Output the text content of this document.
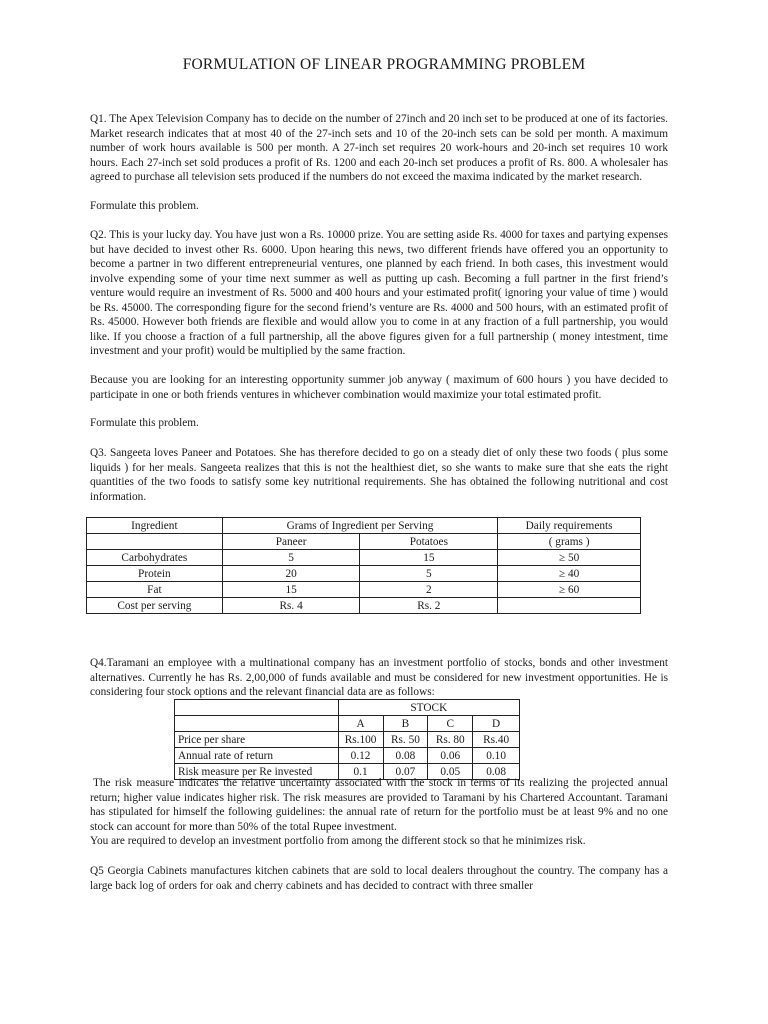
FORMULATION OF LINEAR PROGRAMMING PROBLEM

Q1. The Apex Television Company has to decide on the number of 27inch and 20 inch set to be produced at one of its factories. Market research indicates that at most 40 of the 27-inch sets and 10 of the 20-inch sets can be sold per month. A maximum number of work hours available is 500 per month. A 27-inch set requires 20 work-hours and 20-inch set requires 10 work hours. Each 27-inch set sold produces a profit of Rs. 1200 and each 20-inch set produces a profit of Rs. 800. A wholesaler has agreed to purchase all television sets produced if the numbers do not exceed the maxima indicated by the market research.

Formulate this problem.

Q2. This is your lucky day. You have just won a Rs. 10000 prize. You are setting aside Rs. 4000 for taxes and partying expenses but have decided to invest other Rs. 6000. Upon hearing this news, two different friends have offered you an opportunity to become a partner in two different entrepreneurial ventures, one planned by each friend. In both cases, this investment would involve expending some of your time next summer as well as putting up cash. Becoming a full partner in the first friend’s venture would require an investment of Rs. 5000 and 400 hours and your estimated profit( ignoring your value of time ) would be Rs. 45000. The corresponding figure for the second friend’s venture are Rs. 4000 and 500 hours, with an estimated profit of Rs. 45000. However both friends are flexible and would allow you to come in at any fraction of a full partnership, you would like. If you choose a fraction of a full partnership, all the above figures given for a full partnership ( money intestment, time investment and your profit) would be multiplied by the same fraction.

Because you are looking for an interesting opportunity summer job anyway ( maximum of 600 hours ) you have decided to participate in one or both friends ventures in whichever combination would maximize your total estimated profit.

Formulate this problem.

Q3. Sangeeta loves Paneer and Potatoes. She has therefore decided to go on a steady diet of only these two foods ( plus some liquids ) for her meals. Sangeeta realizes that this is not the healthiest diet, so she wants to make sure that she eats the right quantities of the two foods to satisfy some key nutritional requirements. She has obtained the following nutritional and cost information.

Ingredient	Grams of Ingredient per Serving		Daily requirements
	Paneer	Potatoes	( grams )
Carbohydrates	5	15	≥ 50
Protein	20	5	≥ 40
Fat	15	2	≥ 60
Cost per serving	Rs. 4	Rs. 2	

Q4.Taramani an employee with a multinational company has an investment portfolio of stocks, bonds and other investment alternatives. Currently he has Rs. 2,00,000 of funds available and must be considered for new investment opportunities. He is considering four stock options and the relevant financial data are as follows:

	STOCK			
	A	B	C	D
Price per share	Rs.100	Rs. 50	Rs. 80	Rs.40
Annual rate of return	0.12	0.08	0.06	0.10
Risk measure per Re invested	0.1	0.07	0.05	0.08

The risk measure indicates the relative uncertainty associated with the stock in terms of its realizing the projected annual return; higher value indicates higher risk. The risk measures are provided to Taramani by his Chartered Accountant. Taramani has stipulated for himself the following guidelines: the annual rate of return for the portfolio must be at least 9% and no one stock can account for more than 50% of the total Rupee investment.

You are required to develop an investment portfolio from among the different stock so that he minimizes risk.

Q5 Georgia Cabinets manufactures kitchen cabinets that are sold to local dealers throughout the country. The company has a large back log of orders for oak and cherry cabinets and has decided to contract with three smaller
